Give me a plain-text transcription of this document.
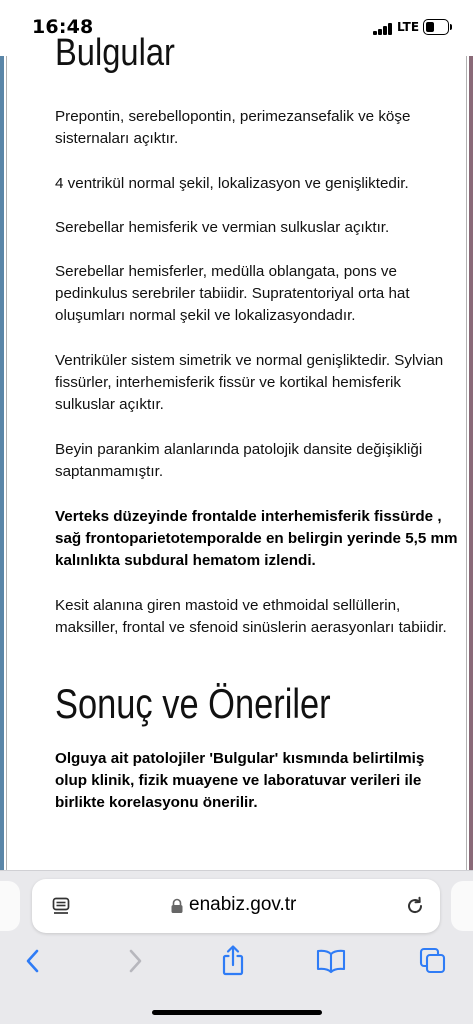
16:48	LTE
Bulgular

Prepontin, serebellopontin, perimezansefalik ve köşe sisternaları açıktır.

4 ventrikül normal şekil, lokalizasyon ve genişliktedir.

Serebellar hemisferik ve vermian sulkuslar açıktır.

Serebellar hemisferler, medülla oblangata, pons ve pedinkulus serebriler tabiidir. Supratentoriyal orta hat oluşumları normal şekil ve lokalizasyondadır.

Ventriküler sistem simetrik ve normal genişliktedir. Sylvian fissürler, interhemisferik fissür ve kortikal hemisferik sulkuslar açıktır.

Beyin parankim alanlarında patolojik dansite değişikliği saptanmamıştır.

Verteks düzeyinde frontalde interhemisferik fissürde , sağ frontoparietotemporalde en belirgin yerinde 5,5 mm kalınlıkta subdural hematom izlendi.

Kesit alanına giren mastoid ve ethmoidal sellüllerin, maksiller, frontal ve sfenoid sinüslerin aerasyonları tabiidir.

Sonuç ve Öneriler

Olguya ait patolojiler 'Bulgular' kısmında belirtilmiş olup klinik, fizik muayene ve laboratuvar verileri ile birlikte korelasyonu önerilir.

enabiz.gov.tr
